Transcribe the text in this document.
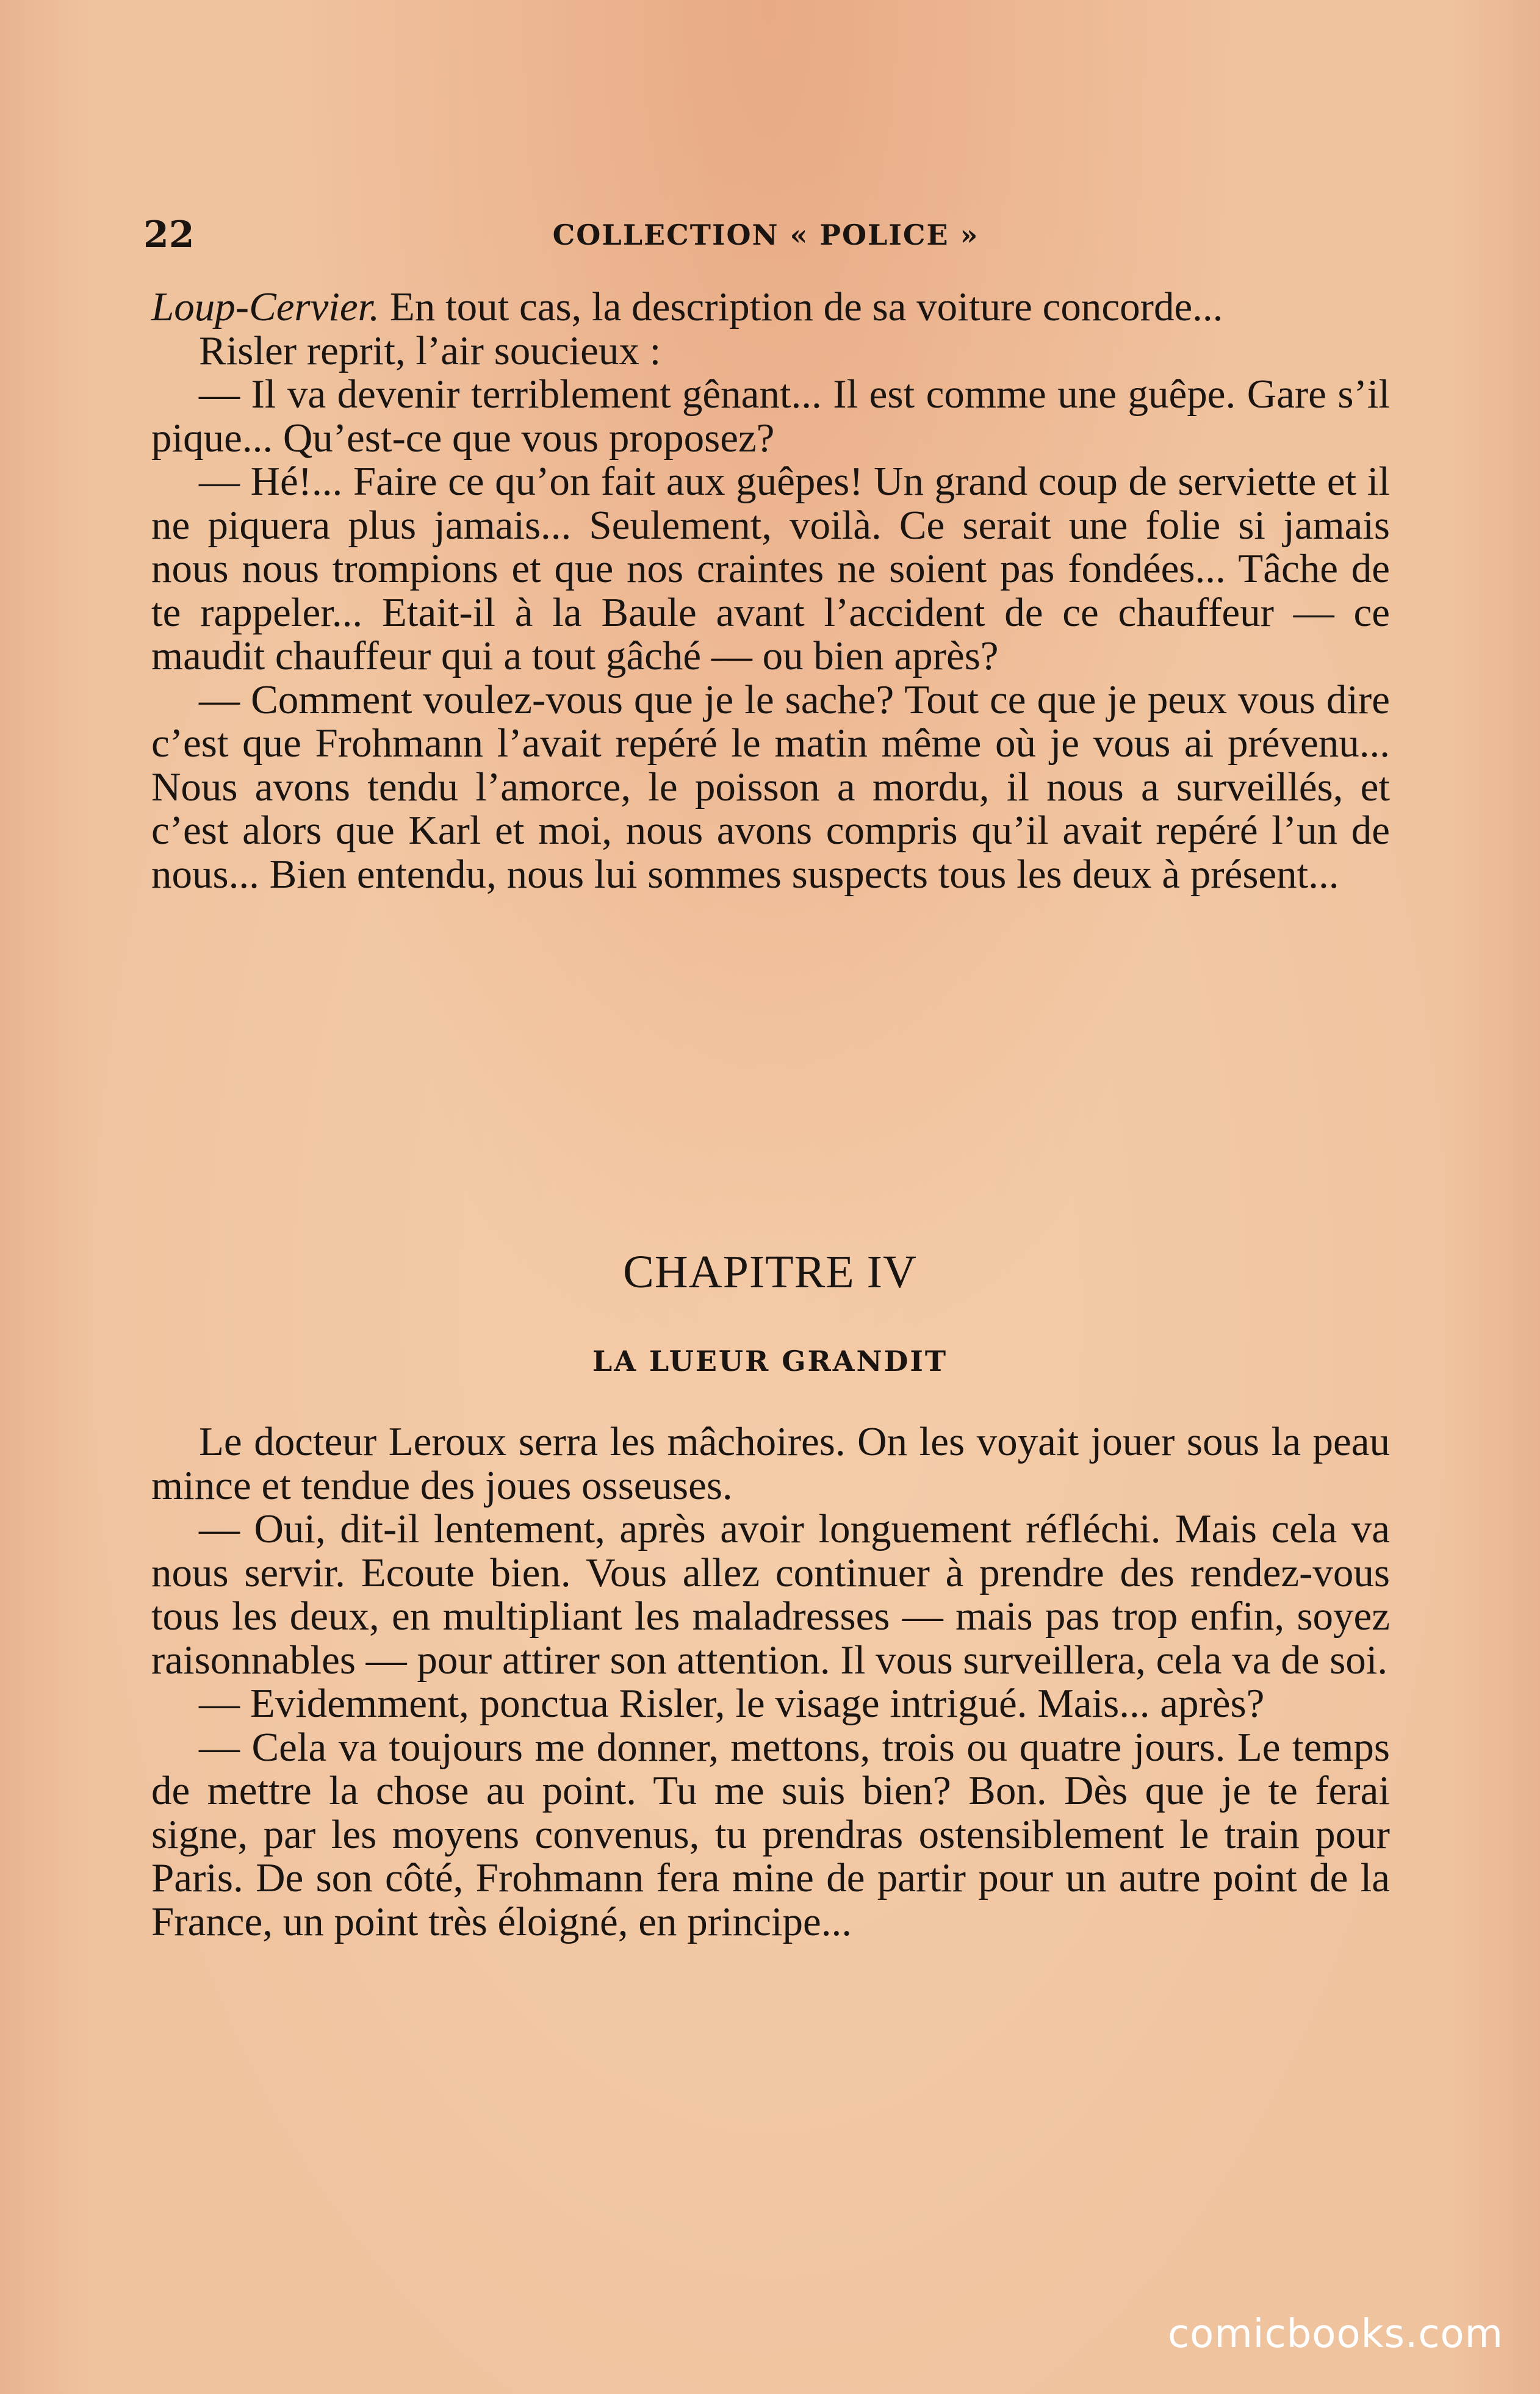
22	COLLECTION « POLICE »

Loup-Cervier. En tout cas, la description de sa voiture concorde...

Risler reprit, l’air soucieux :

— Il va devenir terriblement gênant... Il est comme une guêpe. Gare s’il pique... Qu’est-ce que vous proposez?

— Hé!... Faire ce qu’on fait aux guêpes! Un grand coup de serviette et il ne piquera plus jamais... Seulement, voilà. Ce serait une folie si jamais nous nous trompions et que nos craintes ne soient pas fondées... Tâche de te rappeler... Etait-il à la Baule avant l’accident de ce chauffeur — ce maudit chauffeur qui a tout gâché — ou bien après?

— Comment voulez-vous que je le sache? Tout ce que je peux vous dire c’est que Frohmann l’avait repéré le matin même où je vous ai prévenu... Nous avons tendu l’amorce, le poisson a mordu, il nous a surveillés, et c’est alors que Karl et moi, nous avons compris qu’il avait repéré l’un de nous... Bien entendu, nous lui sommes suspects tous les deux à présent...

CHAPITRE IV
LA LUEUR GRANDIT

Le docteur Leroux serra les mâchoires. On les voyait jouer sous la peau mince et tendue des joues osseuses.

— Oui, dit-il lentement, après avoir longuement réfléchi. Mais cela va nous servir. Ecoute bien. Vous allez continuer à prendre des rendez-vous tous les deux, en multipliant les maladresses — mais pas trop enfin, soyez raisonnables — pour attirer son attention. Il vous surveillera, cela va de soi.

— Evidemment, ponctua Risler, le visage intrigué. Mais... après?

— Cela va toujours me donner, mettons, trois ou quatre jours. Le temps de mettre la chose au point. Tu me suis bien? Bon. Dès que je te ferai signe, par les moyens convenus, tu prendras ostensiblement le train pour Paris. De son côté, Frohmann fera mine de partir pour un autre point de la France, un point très éloigné, en principe...

comicbooks.com
